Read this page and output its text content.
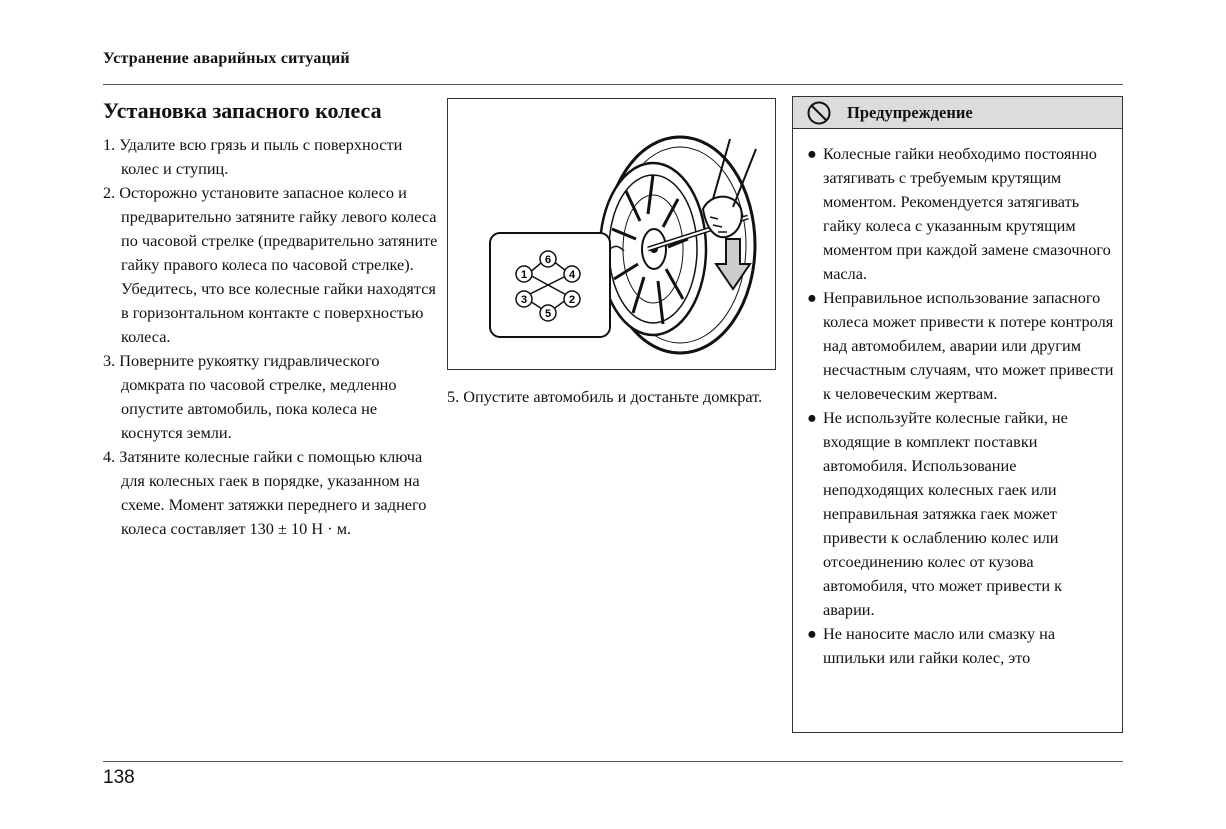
Устранение аварийных ситуаций
Установка запасного колеса
1. Удалите всю грязь и пыль с поверхности колес и ступиц.
2. Осторожно установите запасное колесо и предварительно затяните гайку левого колеса по часовой стрелке (предварительно затяните гайку правого колеса по часовой стрелке). Убедитесь, что все колесные гайки находятся в горизонтальном контакте с поверхностью колеса.
3. Поверните рукоятку гидравлического домкрата по часовой стрелке, медленно опустите автомобиль, пока колеса не коснутся земли.
4. Затяните колесные гайки с помощью ключа для колесных гаек в порядке, указанном на схеме. Момент затяжки переднего и заднего колеса составляет 130 ± 10 Н · м.
6
1	4
3	2
5
5. Опустите автомобиль и достаньте домкрат.
Предупреждение
● Колесные гайки необходимо постоянно затягивать с требуемым крутящим моментом. Рекомендуется затягивать гайку колеса с указанным крутящим моментом при каждой замене смазочного масла.
● Неправильное использование запасного колеса может привести к потере контроля над автомобилем, аварии или другим несчастным случаям, что может привести к человеческим жертвам.
● Не используйте колесные гайки, не входящие в комплект поставки автомобиля. Использование неподходящих колесных гаек или неправильная затяжка гаек может привести к ослаблению колес или отсоединению колес от кузова автомобиля, что может привести к аварии.
● Не наносите масло или смазку на шпильки или гайки колес, это
138
